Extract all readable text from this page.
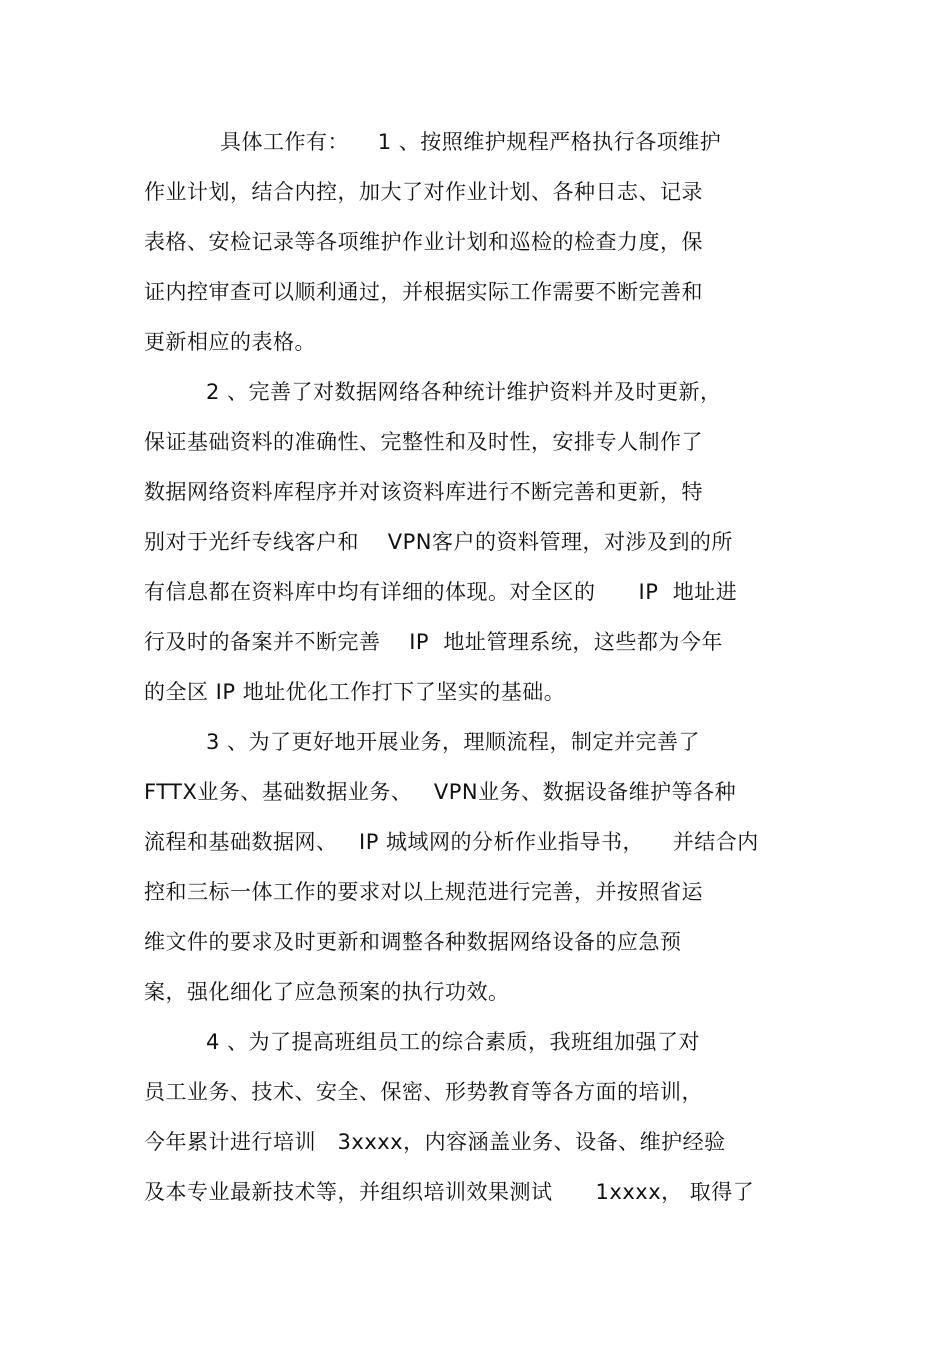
具体工作有：    1 、按照维护规程严格执行各项维护
作业计划，结合内控，加大了对作业计划、各种日志、记录
表格、安检记录等各项维护作业计划和巡检的检查力度，保
证内控审查可以顺利通过，并根据实际工作需要不断完善和
更新相应的表格。
2 、完善了对数据网络各种统计维护资料并及时更新，
保证基础资料的准确性、完整性和及时性，安排专人制作了
数据网络资料库程序并对该资料库进行不断完善和更新，特
别对于光纤专线客户和    VPN客户的资料管理，对涉及到的所
有信息都在资料库中均有详细的体现。对全区的      IP  地址进
行及时的备案并不断完善    IP  地址管理系统，这些都为今年
的全区 IP 地址优化工作打下了坚实的基础。
3 、为了更好地开展业务，理顺流程，制定并完善了
FTTX业务、基础数据业务、   VPN业务、数据设备维护等各种
流程和基础数据网、   IP 城域网的分析作业指导书，    并结合内
控和三标一体工作的要求对以上规范进行完善，并按照省运
维文件的要求及时更新和调整各种数据网络设备的应急预
案，强化细化了应急预案的执行功效。
4 、为了提高班组员工的综合素质，我班组加强了对
员工业务、技术、安全、保密、形势教育等各方面的培训，
今年累计进行培训   3xxxx，内容涵盖业务、设备、维护经验
及本专业最新技术等，并组织培训效果测试      1xxxx， 取得了
